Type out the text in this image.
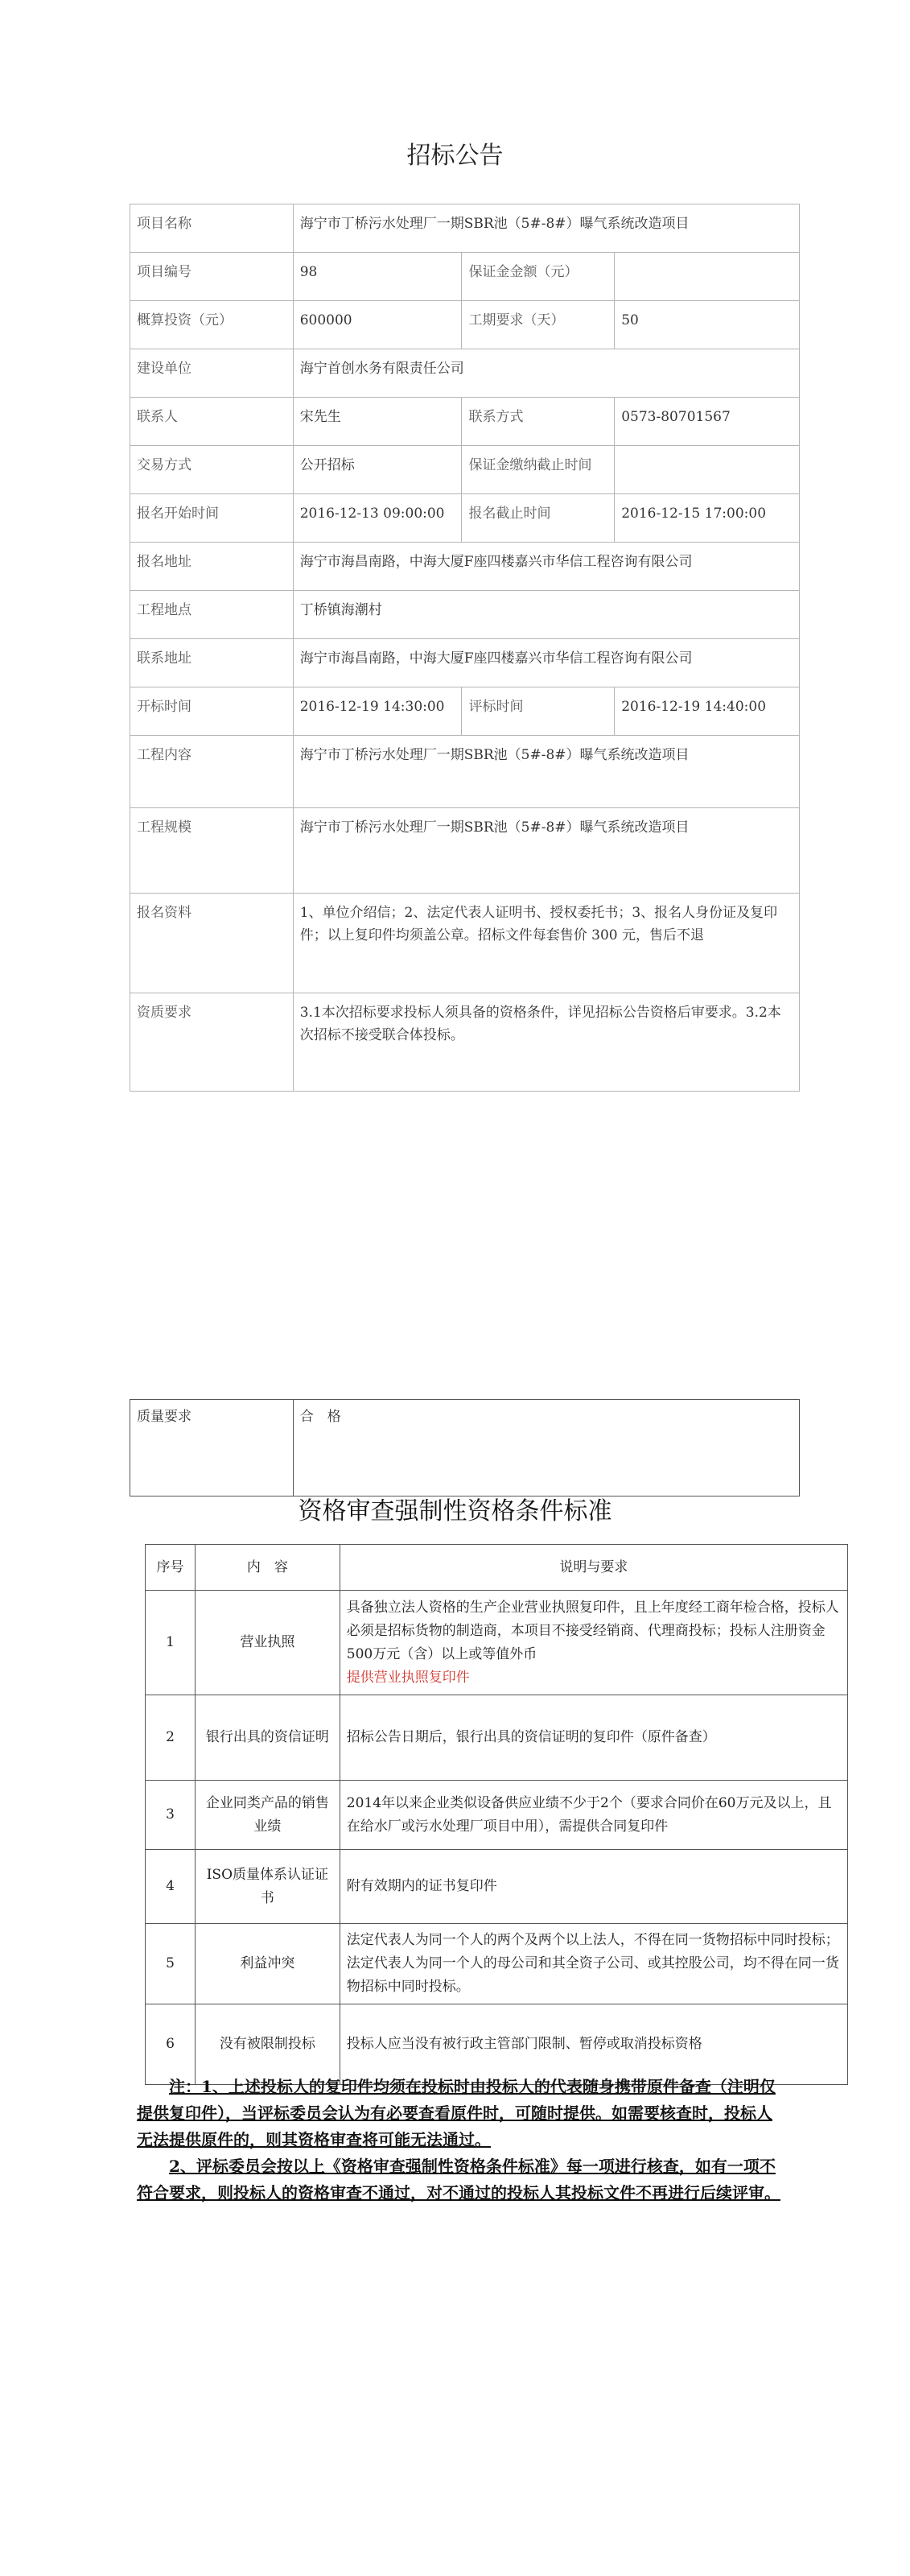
招标公告
项目名称	海宁市丁桥污水处理厂一期SBR池（5#-8#）曝气系统改造项目		
项目编号	98	保证金金额（元）	
概算投资（元）	600000	工期要求（天）	50
建设单位	海宁首创水务有限责任公司		
联系人	宋先生	联系方式	0573-80701567
交易方式	公开招标	保证金缴纳截止时间	
报名开始时间	2016-12-13 09:00:00	报名截止时间	2016-12-15 17:00:00
报名地址	海宁市海昌南路，中海大厦F座四楼嘉兴市华信工程咨询有限公司		
工程地点	丁桥镇海潮村		
联系地址	海宁市海昌南路，中海大厦F座四楼嘉兴市华信工程咨询有限公司		
开标时间	2016-12-19 14:30:00	评标时间	2016-12-19 14:40:00
工程内容	海宁市丁桥污水处理厂一期SBR池（5#-8#）曝气系统改造项目		
工程规模	海宁市丁桥污水处理厂一期SBR池（5#-8#）曝气系统改造项目		
报名资料	1、单位介绍信；2、法定代表人证明书、授权委托书；3、报名人身份证及复印件；以上复印件均须盖公章。招标文件每套售价 300 元，售后不退		
资质要求	3.1本次招标要求投标人须具备的资格条件，详见招标公告资格后审要求。3.2本次招标不接受联合体投标。		
质量要求	合　格
资格审查强制性资格条件标准
序号	内　容	说明与要求
1	营业执照	具备独立法人资格的生产企业营业执照复印件，且上年度经工商年检合格，投标人必须是招标货物的制造商，本项目不接受经销商、代理商投标；投标人注册资金500万元（含）以上或等值外币
提供营业执照复印件

2	银行出具的资信证明	招标公告日期后，银行出具的资信证明的复印件（原件备查）
3	企业同类产品的销售业绩	2014年以来企业类似设备供应业绩不少于2个（要求合同价在60万元及以上，且在给水厂或污水处理厂项目中用），需提供合同复印件
4	ISO质量体系认证证书	附有效期内的证书复印件
5	利益冲突	法定代表人为同一个人的两个及两个以上法人，不得在同一货物招标中同时投标；法定代表人为同一个人的母公司和其全资子公司、或其控股公司，均不得在同一货物招标中同时投标。
6	没有被限制投标	投标人应当没有被行政主管部门限制、暂停或取消投标资格

注：1、上述投标人的复印件均须在投标时由投标人的代表随身携带原件备查（注明仅提供复印件），当评标委员会认为有必要查看原件时，可随时提供。如需要核查时，投标人无法提供原件的，则其资格审查将可能无法通过。

2、评标委员会按以上《资格审查强制性资格条件标准》每一项进行核查，如有一项不符合要求，则投标人的资格审查不通过，对不通过的投标人其投标文件不再进行后续评审。
